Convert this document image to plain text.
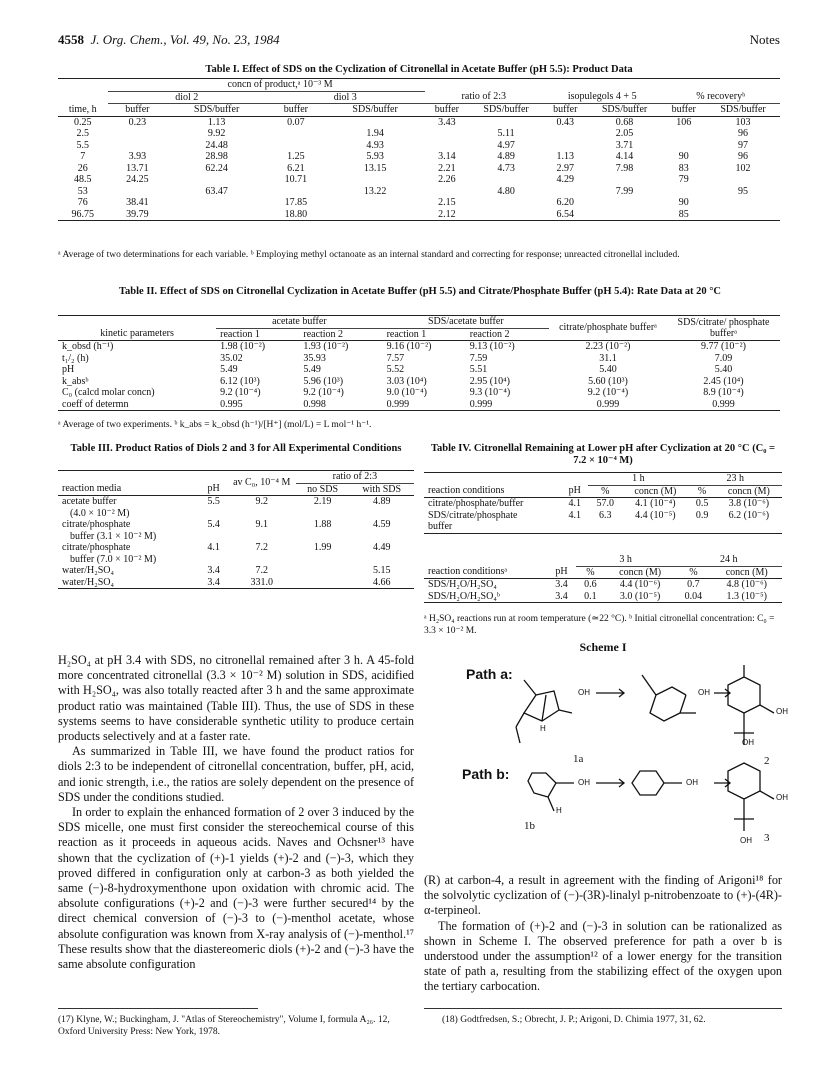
4558 J. Org. Chem., Vol. 49, No. 23, 1984	Notes
Table I. Effect of SDS on the Cyclization of Citronellal in Acetate Buffer (pH 5.5): Product Data
	concn of product,ᵃ 10⁻³ M									
	diol 2		diol 3		ratio of 2:3		isopulegols 4 + 5		% recoveryᵇ	
time, h	buffer	SDS/buffer	buffer	SDS/buffer	buffer	SDS/buffer	buffer	SDS/buffer	buffer	SDS/buffer
0.25	0.23	1.13	0.07		3.43		0.43	0.68	106	103
2.5		9.92		1.94		5.11		2.05		96
5.5		24.48		4.93		4.97		3.71		97
7	3.93	28.98	1.25	5.93	3.14	4.89	1.13	4.14	90	96
26	13.71	62.24	6.21	13.15	2.21	4.73	2.97	7.98	83	102
48.5	24.25		10.71		2.26		4.29		79	
53		63.47		13.22		4.80		7.99		95
76	38.41		17.85		2.15		6.20		90	
96.75	39.79		18.80		2.12		6.54		85	
ᵃ Average of two determinations for each variable. ᵇ Employing methyl octanoate as an internal standard and correcting for response; unreacted citronellal included.
Table II. Effect of SDS on Citronellal Cyclization in Acetate Buffer (pH 5.5) and Citrate/Phosphate Buffer (pH 5.4): Rate Data at 20 °C
	acetate buffer		SDS/acetate buffer		citrate/phosphate bufferᵃ	SDS/citrate/ phosphate bufferᵃ
kinetic parameters	reaction 1	reaction 2	reaction 1	reaction 2		

k_obsd (h⁻¹)	1.98 (10⁻²)	1.93 (10⁻²)	9.16 (10⁻²)	9.13 (10⁻²)	2.23 (10⁻²)	9.77 (10⁻²)
t₁/₂ (h)	35.02	35.93	7.57	7.59	31.1	7.09
pH	5.49	5.49	5.52	5.51	5.40	5.40
k_absᵇ	6.12 (10³)	5.96 (10³)	3.03 (10⁴)	2.95 (10⁴)	5.60 (10³)	2.45 (10⁴)
C₀ (calcd molar concn)	9.2 (10⁻⁴)	9.2 (10⁻⁴)	9.0 (10⁻⁴)	9.3 (10⁻⁴)	9.2 (10⁻⁴)	8.9 (10⁻⁴)
coeff of determn	0.995	0.998	0.999	0.999	0.999	0.999
ᵃ Average of two experiments. ᵇ k_abs = k_obsd (h⁻¹)/[H⁺] (mol/L) = L mol⁻¹ h⁻¹.
Table III. Product Ratios of Diols 2 and 3 for All Experimental Conditions
		av C₀, 10⁻⁴ M	ratio of 2:3	
reaction media	pH		no SDS	with SDS
acetate buffer	5.5	9.2	2.19	4.89
(4.0 × 10⁻² M)				
citrate/phosphate	5.4	9.1	1.88	4.59
buffer (3.1 × 10⁻² M)				
citrate/phosphate	4.1	7.2	1.99	4.49
buffer (7.0 × 10⁻² M)				
water/H₂SO₄	3.4	7.2		5.15
water/H₂SO₄	3.4	331.0		4.66
Table IV. Citronellal Remaining at Lower pH after Cyclization at 20 °C (C₀ = 7.2 × 10⁻⁴ M)
		1 h		23 h	
reaction conditions	pH	%	concn (M)	%	concn (M)
citrate/phosphate/buffer	4.1	57.0	4.1 (10⁻⁴)	0.5	3.8 (10⁻⁶)
SDS/citrate/phosphate	4.1	6.3	4.4 (10⁻⁵)	0.9	6.2 (10⁻⁶)
buffer					
		3 h		24 h	
reaction conditionsᵃ	pH	%	concn (M)	%	concn (M)
SDS/H₂O/H₂SO₄	3.4	0.6	4.4 (10⁻⁶)	0.7	4.8 (10⁻⁶)
SDS/H₂O/H₂SO₄ᵇ	3.4	0.1	3.0 (10⁻⁵)	0.04	1.3 (10⁻⁵)
ᵃ H₂SO₄ reactions run at room temperature (≃22 °C). ᵇ Initial citronellal concentration: C₀ = 3.3 × 10⁻² M.

H₂SO₄ at pH 3.4 with SDS, no citronellal remained after 3 h. A 45-fold more concentrated citronellal (3.3 × 10⁻² M) solution in SDS, acidified with H₂SO₄, was also totally reacted after 3 h and the same approximate product ratio was maintained (Table III). Thus, the use of SDS in these systems seems to have considerable synthetic utility to produce certain products selectively and at a faster rate.

As summarized in Table III, we have found the product ratios for diols 2:3 to be independent of citronellal concentration, buffer, pH, acid, and ionic strength, i.e., the ratios are solely dependent on the presence of SDS under the conditions studied.

In order to explain the enhanced formation of 2 over 3 induced by the SDS micelle, one must first consider the stereochemical course of this reaction as it proceeds in aqueous acids. Naves and Ochsner¹³ have shown that the cyclization of (+)-1 yields (+)-2 and (−)-3, which they proved differed in configuration only at carbon-3 as both yielded the same (−)-8-hydroxymenthone upon oxidation with chromic acid. The absolute configurations (+)-2 and (−)-3 were further secured¹⁴ by the direct chemical conversion of (−)-3 to (−)-menthol acetate, whose absolute configuration was known from X-ray analysis of (−)-menthol.¹⁷ These results show that the diastereomeric diols (+)-2 and (−)-3 have the same absolute configuration

(17) Klyne, W.; Buckingham, J. "Atlas of Stereochemistry", Volume I, formula A₂₆. 12, Oxford University Press: New York, 1978.
Scheme I
Path a:
Path b:
OH	OH
OH
OH
H
1a	2
OH	OH
OH
OH
H
1b
3

(R) at carbon-4, a result in agreement with the finding of Arigoni¹⁸ for the solvolytic cyclization of (−)-(3R)-linalyl p-nitrobenzoate to (+)-(4R)-α-terpineol.

The formation of (+)-2 and (−)-3 in solution can be rationalized as shown in Scheme I. The observed preference for path a over b is understood under the assumption¹² of a lower energy for the transition state of path a, resulting from the stabilizing effect of the oxygen upon the tertiary carbocation.

(18) Godtfredsen, S.; Obrecht, J. P.; Arigoni, D. Chimia 1977, 31, 62.
